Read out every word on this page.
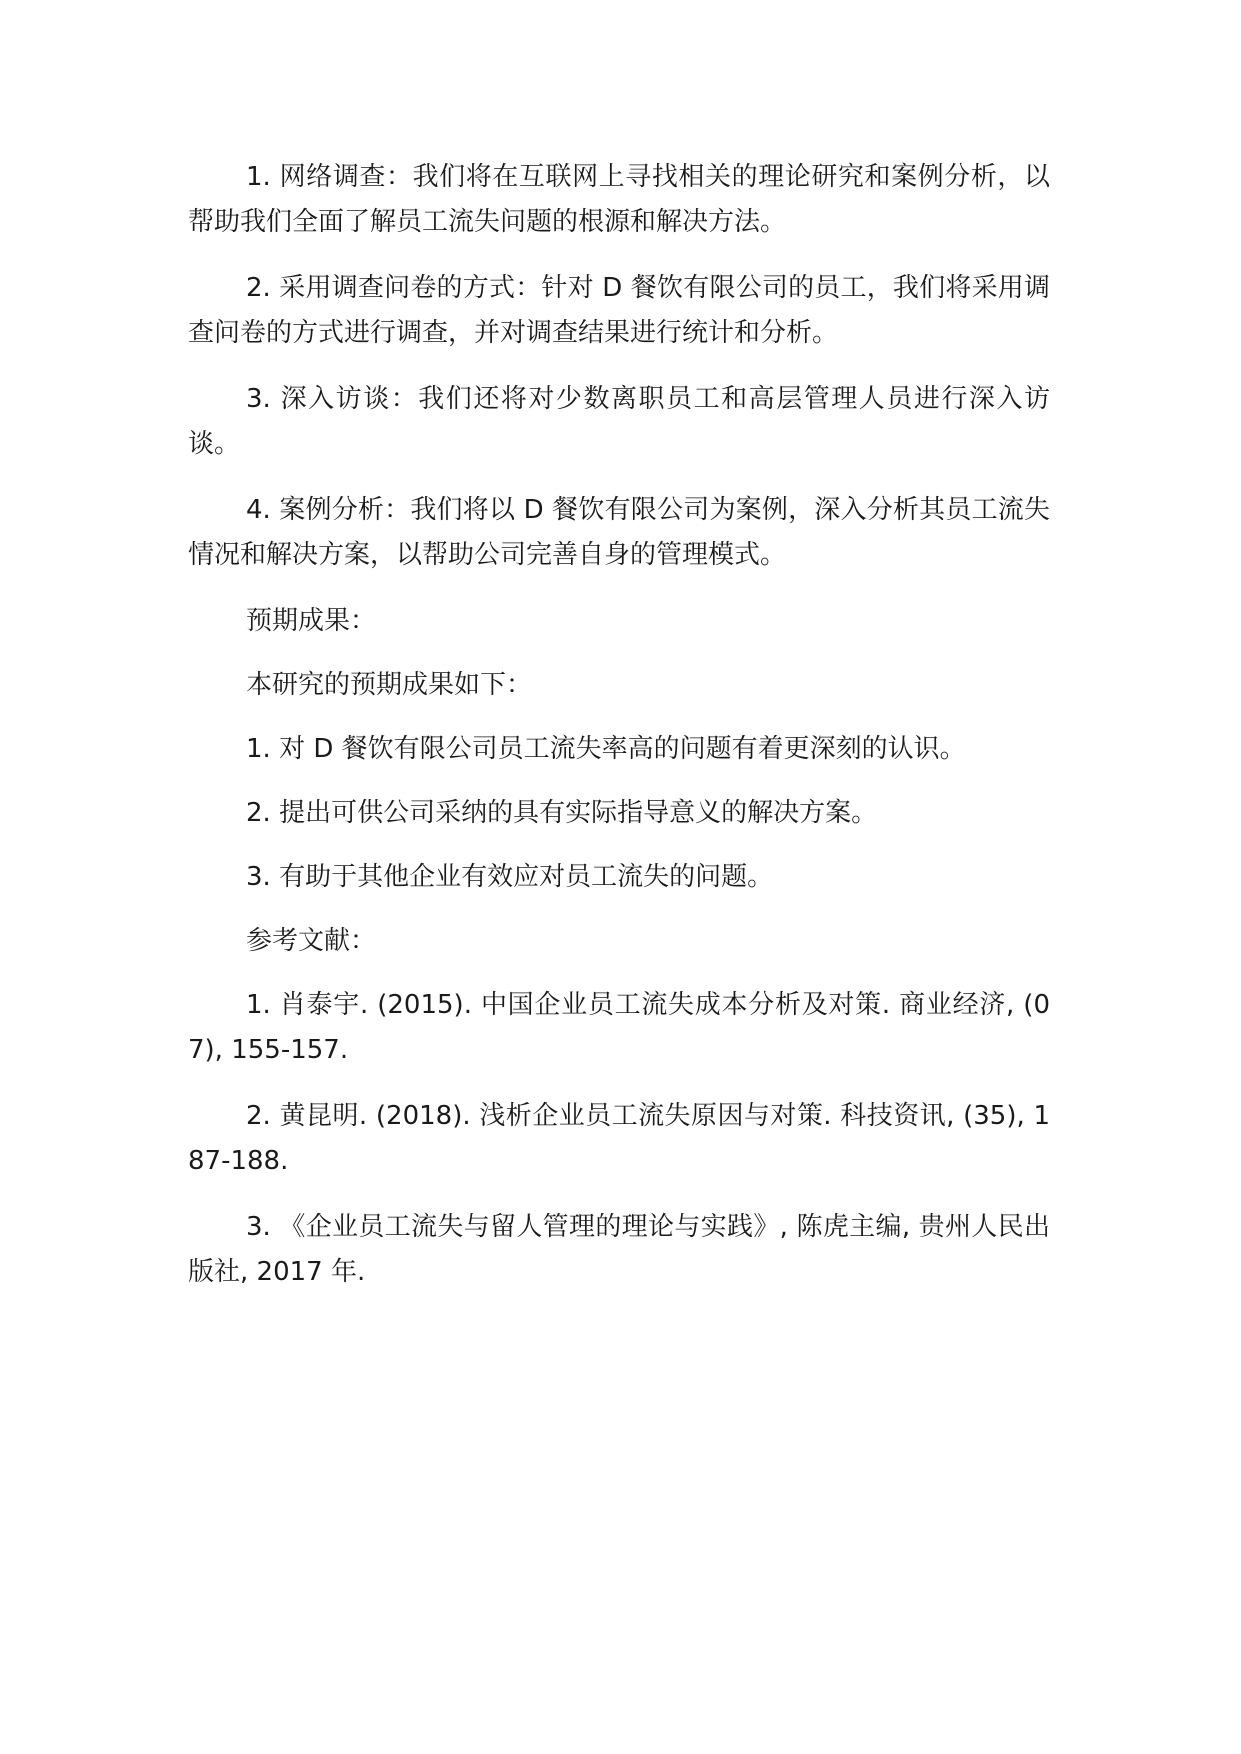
1. 网络调查：我们将在互联网上寻找相关的理论研究和案例分析，以帮助我们全面了解员工流失问题的根源和解决方法。

2. 采用调查问卷的方式：针对 D 餐饮有限公司的员工，我们将采用调查问卷的方式进行调查，并对调查结果进行统计和分析。

3. 深入访谈：我们还将对少数离职员工和高层管理人员进行深入访谈。

4. 案例分析：我们将以 D 餐饮有限公司为案例，深入分析其员工流失情况和解决方案，以帮助公司完善自身的管理模式。

预期成果：

本研究的预期成果如下：

1. 对 D 餐饮有限公司员工流失率高的问题有着更深刻的认识。

2. 提出可供公司采纳的具有实际指导意义的解决方案。

3. 有助于其他企业有效应对员工流失的问题。

参考文献：

1. 肖泰宇. (2015). 中国企业员工流失成本分析及对策. 商业经济, (07), 155-157.

2. 黄昆明. (2018). 浅析企业员工流失原因与对策. 科技资讯, (35), 187-188.

3. 《企业员工流失与留人管理的理论与实践》, 陈虎主编, 贵州人民出版社, 2017 年.
